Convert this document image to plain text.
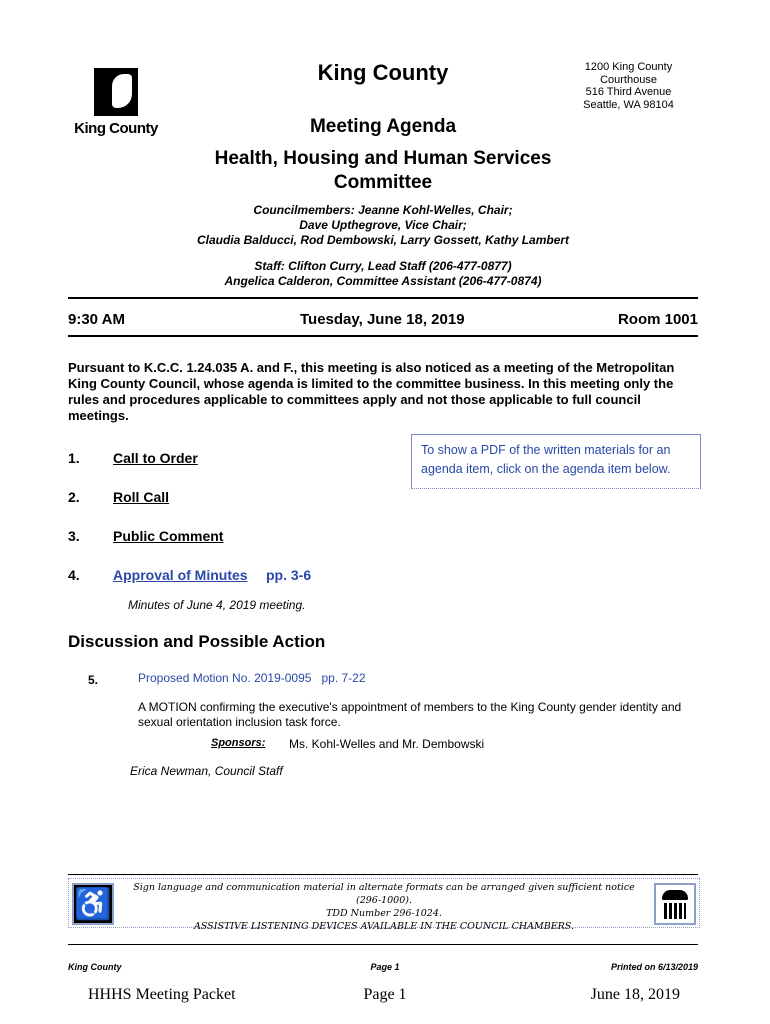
King County
King County	1200 King County
Courthouse
516 Third Avenue
Seattle, WA 98104
Meeting Agenda
Health, Housing and Human Services
Committee
Councilmembers: Jeanne Kohl-Welles, Chair;
Dave Upthegrove, Vice Chair;
Claudia Balducci, Rod Dembowski, Larry Gossett, Kathy Lambert
Staff: Clifton Curry, Lead Staff (206-477-0877)
Angelica Calderon, Committee Assistant (206-477-0874)
9:30 AM	Tuesday, June 18, 2019	Room 1001
Pursuant to K.C.C. 1.24.035 A. and F., this meeting is also noticed as a meeting of the Metropolitan King County Council, whose agenda is limited to the committee business. In this meeting only the rules and procedures applicable to committees apply and not those applicable to full council meetings.
To show a PDF of the written materials for an agenda item, click on the agenda item below.
1. Call to Order
2. Roll Call
3. Public Comment
4. Approval of Minutes pp. 3-6
Minutes of June 4, 2019 meeting.
Discussion and Possible Action
5.	Proposed Motion No. 2019-0095 pp. 7-22
A MOTION confirming the executive's appointment of members to the King County gender identity and sexual orientation inclusion task force.
Sponsors: Ms. Kohl-Welles and Mr. Dembowski
Erica Newman, Council Staff
♿
Sign language and communication material in alternate formats can be arranged given sufficient notice (296-1000).
TDD Number 296-1024.
ASSISTIVE LISTENING DEVICES AVAILABLE IN THE COUNCIL CHAMBERS.
King County	Page 1	Printed on 6/13/2019
HHHS Meeting Packet	Page 1	June 18, 2019
